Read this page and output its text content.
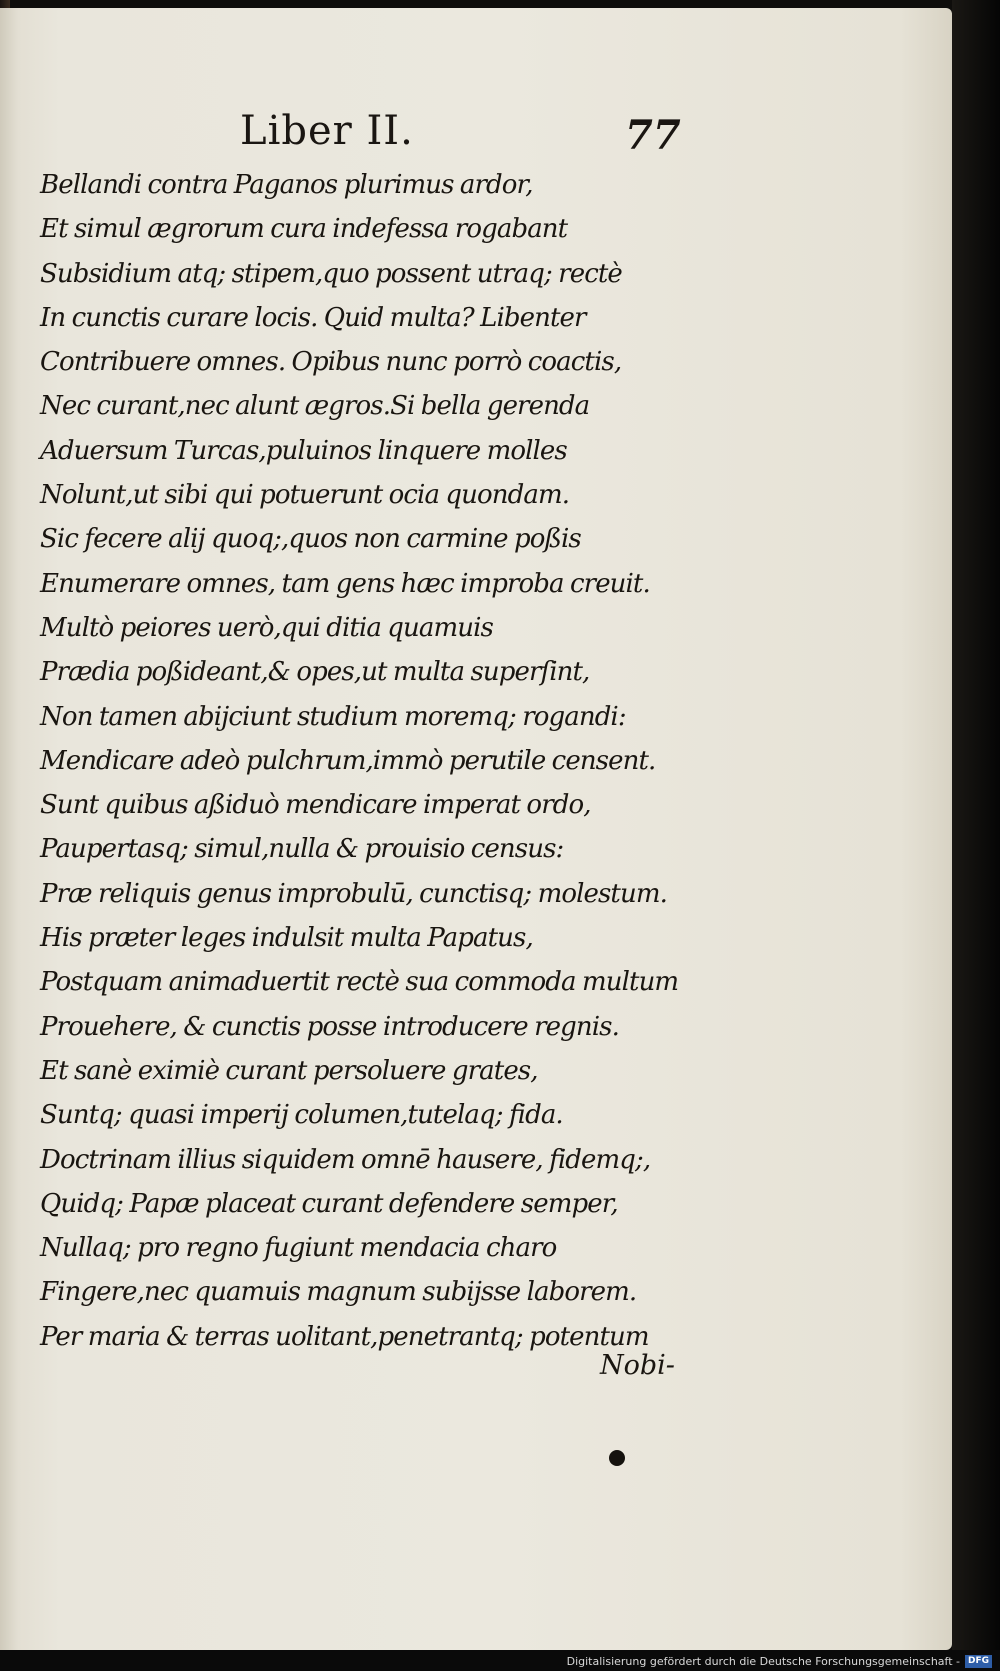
Liber II.	77
Bellandi contra Paganos plurimus ardor,
Et simul ægrorum cura indefessa rogabant
Subsidium atq; stipem,quo possent utraq; rectè
In cunctis curare locis. Quid multa? Libenter
Contribuere omnes. Opibus nunc porrò coactis,
Nec curant,nec alunt ægros.Si bella gerenda
Aduersum Turcas,puluinos linquere molles
Nolunt,ut sibi qui potuerunt ocia quondam.
Sic fecere alij quoq;,quos non carmine poßis
Enumerare omnes, tam gens hæc improba creuit.
Multò peiores uerò,qui ditia quamuis
Prædia poßideant,& opes,ut multa superſint,
Non tamen abijciunt studium moremq; rogandi:
Mendicare adeò pulchrum,immò perutile censent.
Sunt quibus aßiduò mendicare imperat ordo,
Paupertasq; simul,nulla & prouisio census:
Præ reliquis genus improbulū, cunctisq; molestum.
His præter leges indulsit multa Papatus,
Postquam animaduertit rectè sua commoda multum
Prouehere, & cunctis posse introducere regnis.
Et sanè eximiè curant persoluere grates,
Suntq; quasi imperij columen,tutelaq; fida.
Doctrinam illius siquidem omnē hausere, fidemq;,
Quidq; Papæ placeat curant defendere semper,
Nullaq; pro regno fugiunt mendacia charo
Fingere,nec quamuis magnum subijsse laborem.
Per maria & terras uolitant,penetrantq; potentum
Nobi-
Digitalisierung gefördert durch die Deutsche Forschungsgemeinschaft - DFG
